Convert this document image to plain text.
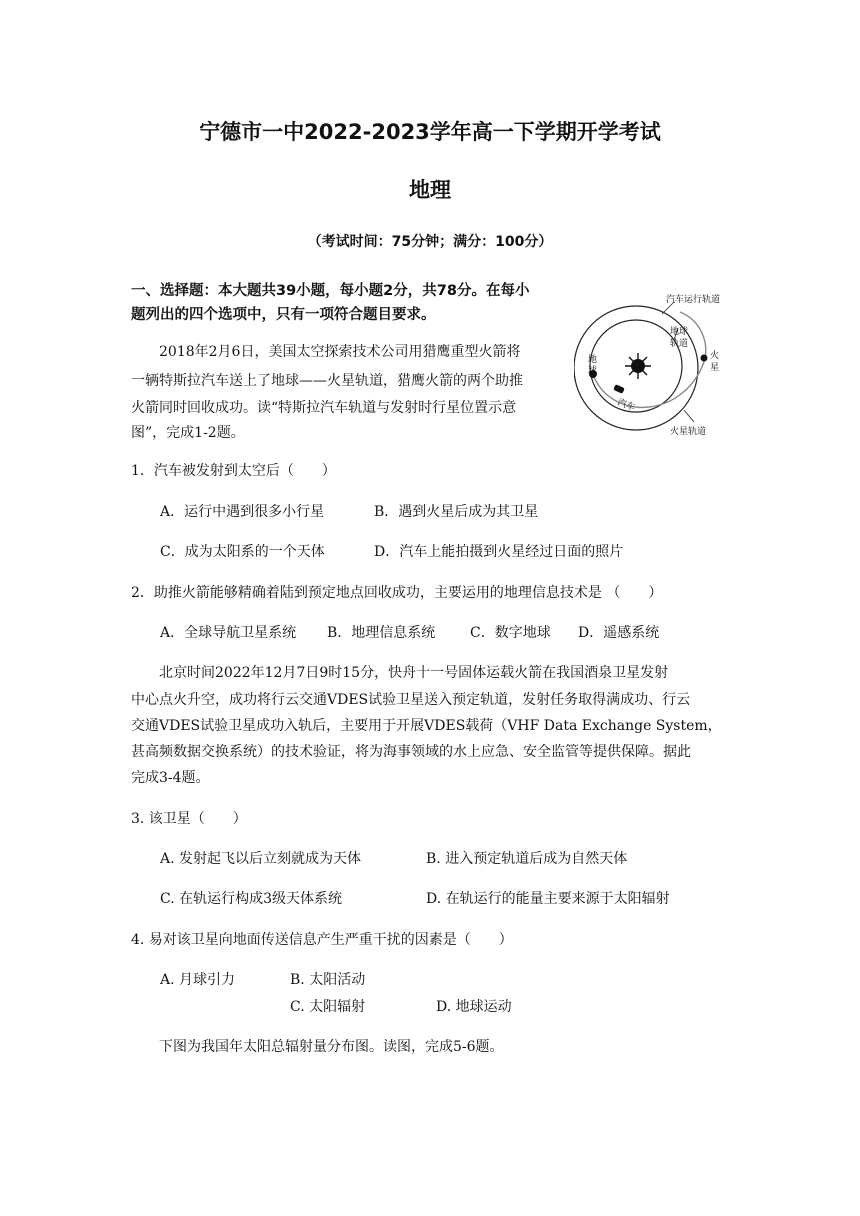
宁德市一中2022-2023学年高一下学期开学考试
地理
（考试时间：75分钟；满分：100分）
一、选择题：本大题共39小题，每小题2分，共78分。在每小
题列出的四个选项中，只有一项符合题目要求。
2018年2月6日，美国太空探索技术公司用猎鹰重型火箭将
一辆特斯拉汽车送上了地球——火星轨道，猎鹰火箭的两个助推
火箭同时回收成功。读“特斯拉汽车轨道与发射时行星位置示意
图”，完成1-2题。
汽车运行轨道
地球
轨道
地
球
火
星
汽车
火星轨道
1．汽车被发射到太空后（　　）
A．运行中遇到很多小行星	B．遇到火星后成为其卫星
C．成为太阳系的一个天体	D．汽车上能拍摄到火星经过日面的照片
2．助推火箭能够精确着陆到预定地点回收成功，主要运用的地理信息技术是 （　　）
A．全球导航卫星系统 B．地理信息系统 C．数字地球 D．遥感系统
北京时间2022年12月7日9时15分，快舟十一号固体运载火箭在我国酒泉卫星发射
中心点火升空，成功将行云交通VDES试验卫星送入预定轨道，发射任务取得满成功、行云
交通VDES试验卫星成功入轨后，主要用于开展VDES载荷（VHF Data Exchange System，
甚高频数据交换系统）的技术验证，将为海事领域的水上应急、安全监管等提供保障。据此
完成3-4题。
3. 该卫星（　　）
A. 发射起飞以后立刻就成为天体	B. 进入预定轨道后成为自然天体
C. 在轨运行构成3级天体系统	D. 在轨运行的能量主要来源于太阳辐射
4. 易对该卫星向地面传送信息产生严重干扰的因素是（　　）
A. 月球引力	B. 太阳活动
C. 太阳辐射	D. 地球运动
下图为我国年太阳总辐射量分布图。读图，完成5-6题。
